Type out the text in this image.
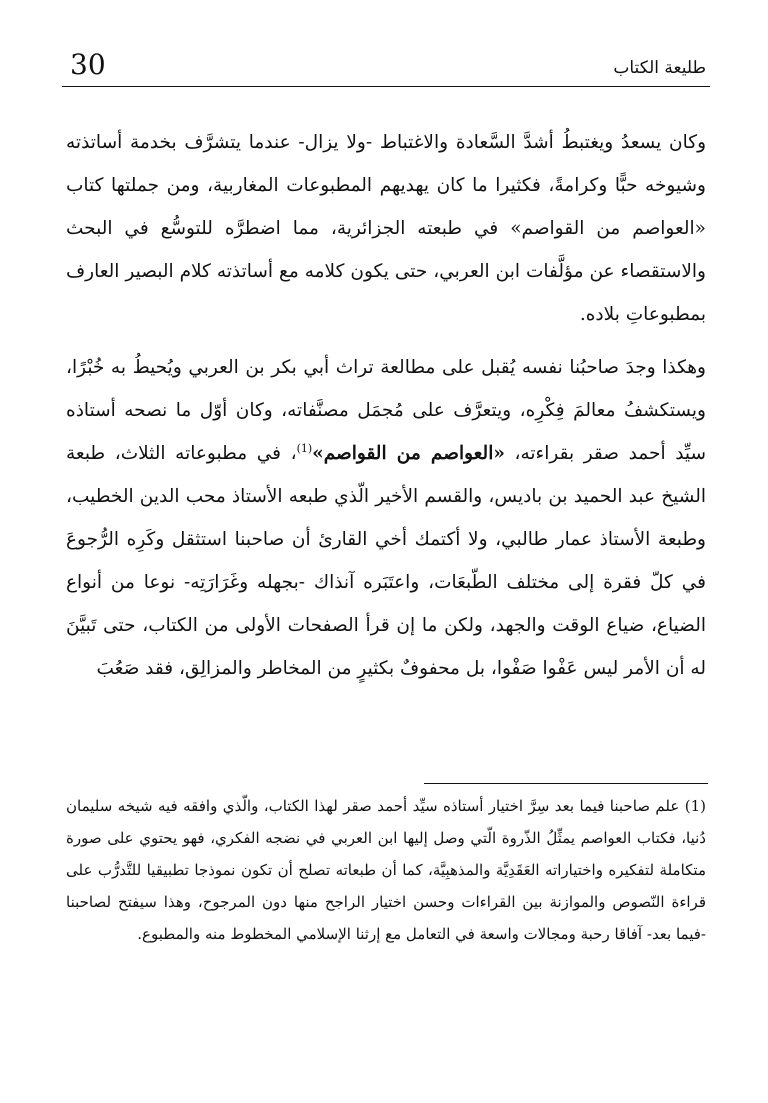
30	طليعة الكتاب

وكان يسعدُ ويغتبطُ أشدَّ السَّعادة والاغتباط -ولا يزال- عندما يتشرَّف بخدمة أساتذته وشيوخه حبًّا وكرامةً، فكثيرا ما كان يهديهم المطبوعات المغاربية، ومن جملتها كتاب «العواصم من القواصم» في طبعته الجزائرية، مما اضطرَّه للتوسُّع في البحث والاستقصاء عن مؤلَّفات ابن العربي، حتى يكون كلامه مع أساتذته كلام البصير العارف بمطبوعاتِ بلاده.

وهكذا وجدَ صاحبُنا نفسه يُقبل على مطالعة تراث أبي بكر بن العربي ويُحيطُ به خُبْرًا، ويستكشفُ معالمَ فِكْرِه، ويتعرَّف على مُجمَل مصنَّفاته، وكان أوّل ما نصحه أستاذه سيِّد أحمد صقر بقراءته، «العواصم من القواصم»$^{(1)}$، في مطبوعاته الثلاث، طبعة الشيخ عبد الحميد بن باديس، والقسم الأخير الّذي طبعه الأستاذ محب الدين الخطيب، وطبعة الأستاذ عمار طالبي، ولا أكتمك أخي القارئ أن صاحبنا استثقل وكَرِه الرُّجوعَ في كلّ فقرة إلى مختلف الطّبعَات، واعتَبَره آنذاك -بجهله وغَرَارَتِه- نوعا من أنواع الضياع، ضياع الوقت والجهد، ولكن ما إن قرأ الصفحات الأولى من الكتاب، حتى تَبيَّنَ له أن الأمر ليس عَفْوا صَفْوا، بل محفوفٌ بكثيرٍ من المخاطر والمزالِق، فقد صَعُبَ

(1) علم صاحبنا فيما بعد سِرَّ اختيار أستاذه سيِّد أحمد صقر لهذا الكتاب، والّذي وافقه فيه شيخه سليمان دُنيا، فكتاب العواصم يمثِّلُ الذّروة الّتي وصل إليها ابن العربي في نضجه الفكري، فهو يحتوي على صورة متكاملة لتفكيره واختياراته العَقَدِيَّة والمذهبِيَّة، كما أن طبعاته تصلح أن تكون نموذجا تطبيقيا للتَّدرُّب على قراءة النّصوص والموازنة بين القراءات وحسن اختيار الراجح منها دون المرجوح، وهذا سيفتح لصاحبنا -فيما بعد- آفاقا رحبة ومجالات واسعة في التعامل مع إرثنا الإسلامي المخطوط منه والمطبوع.
